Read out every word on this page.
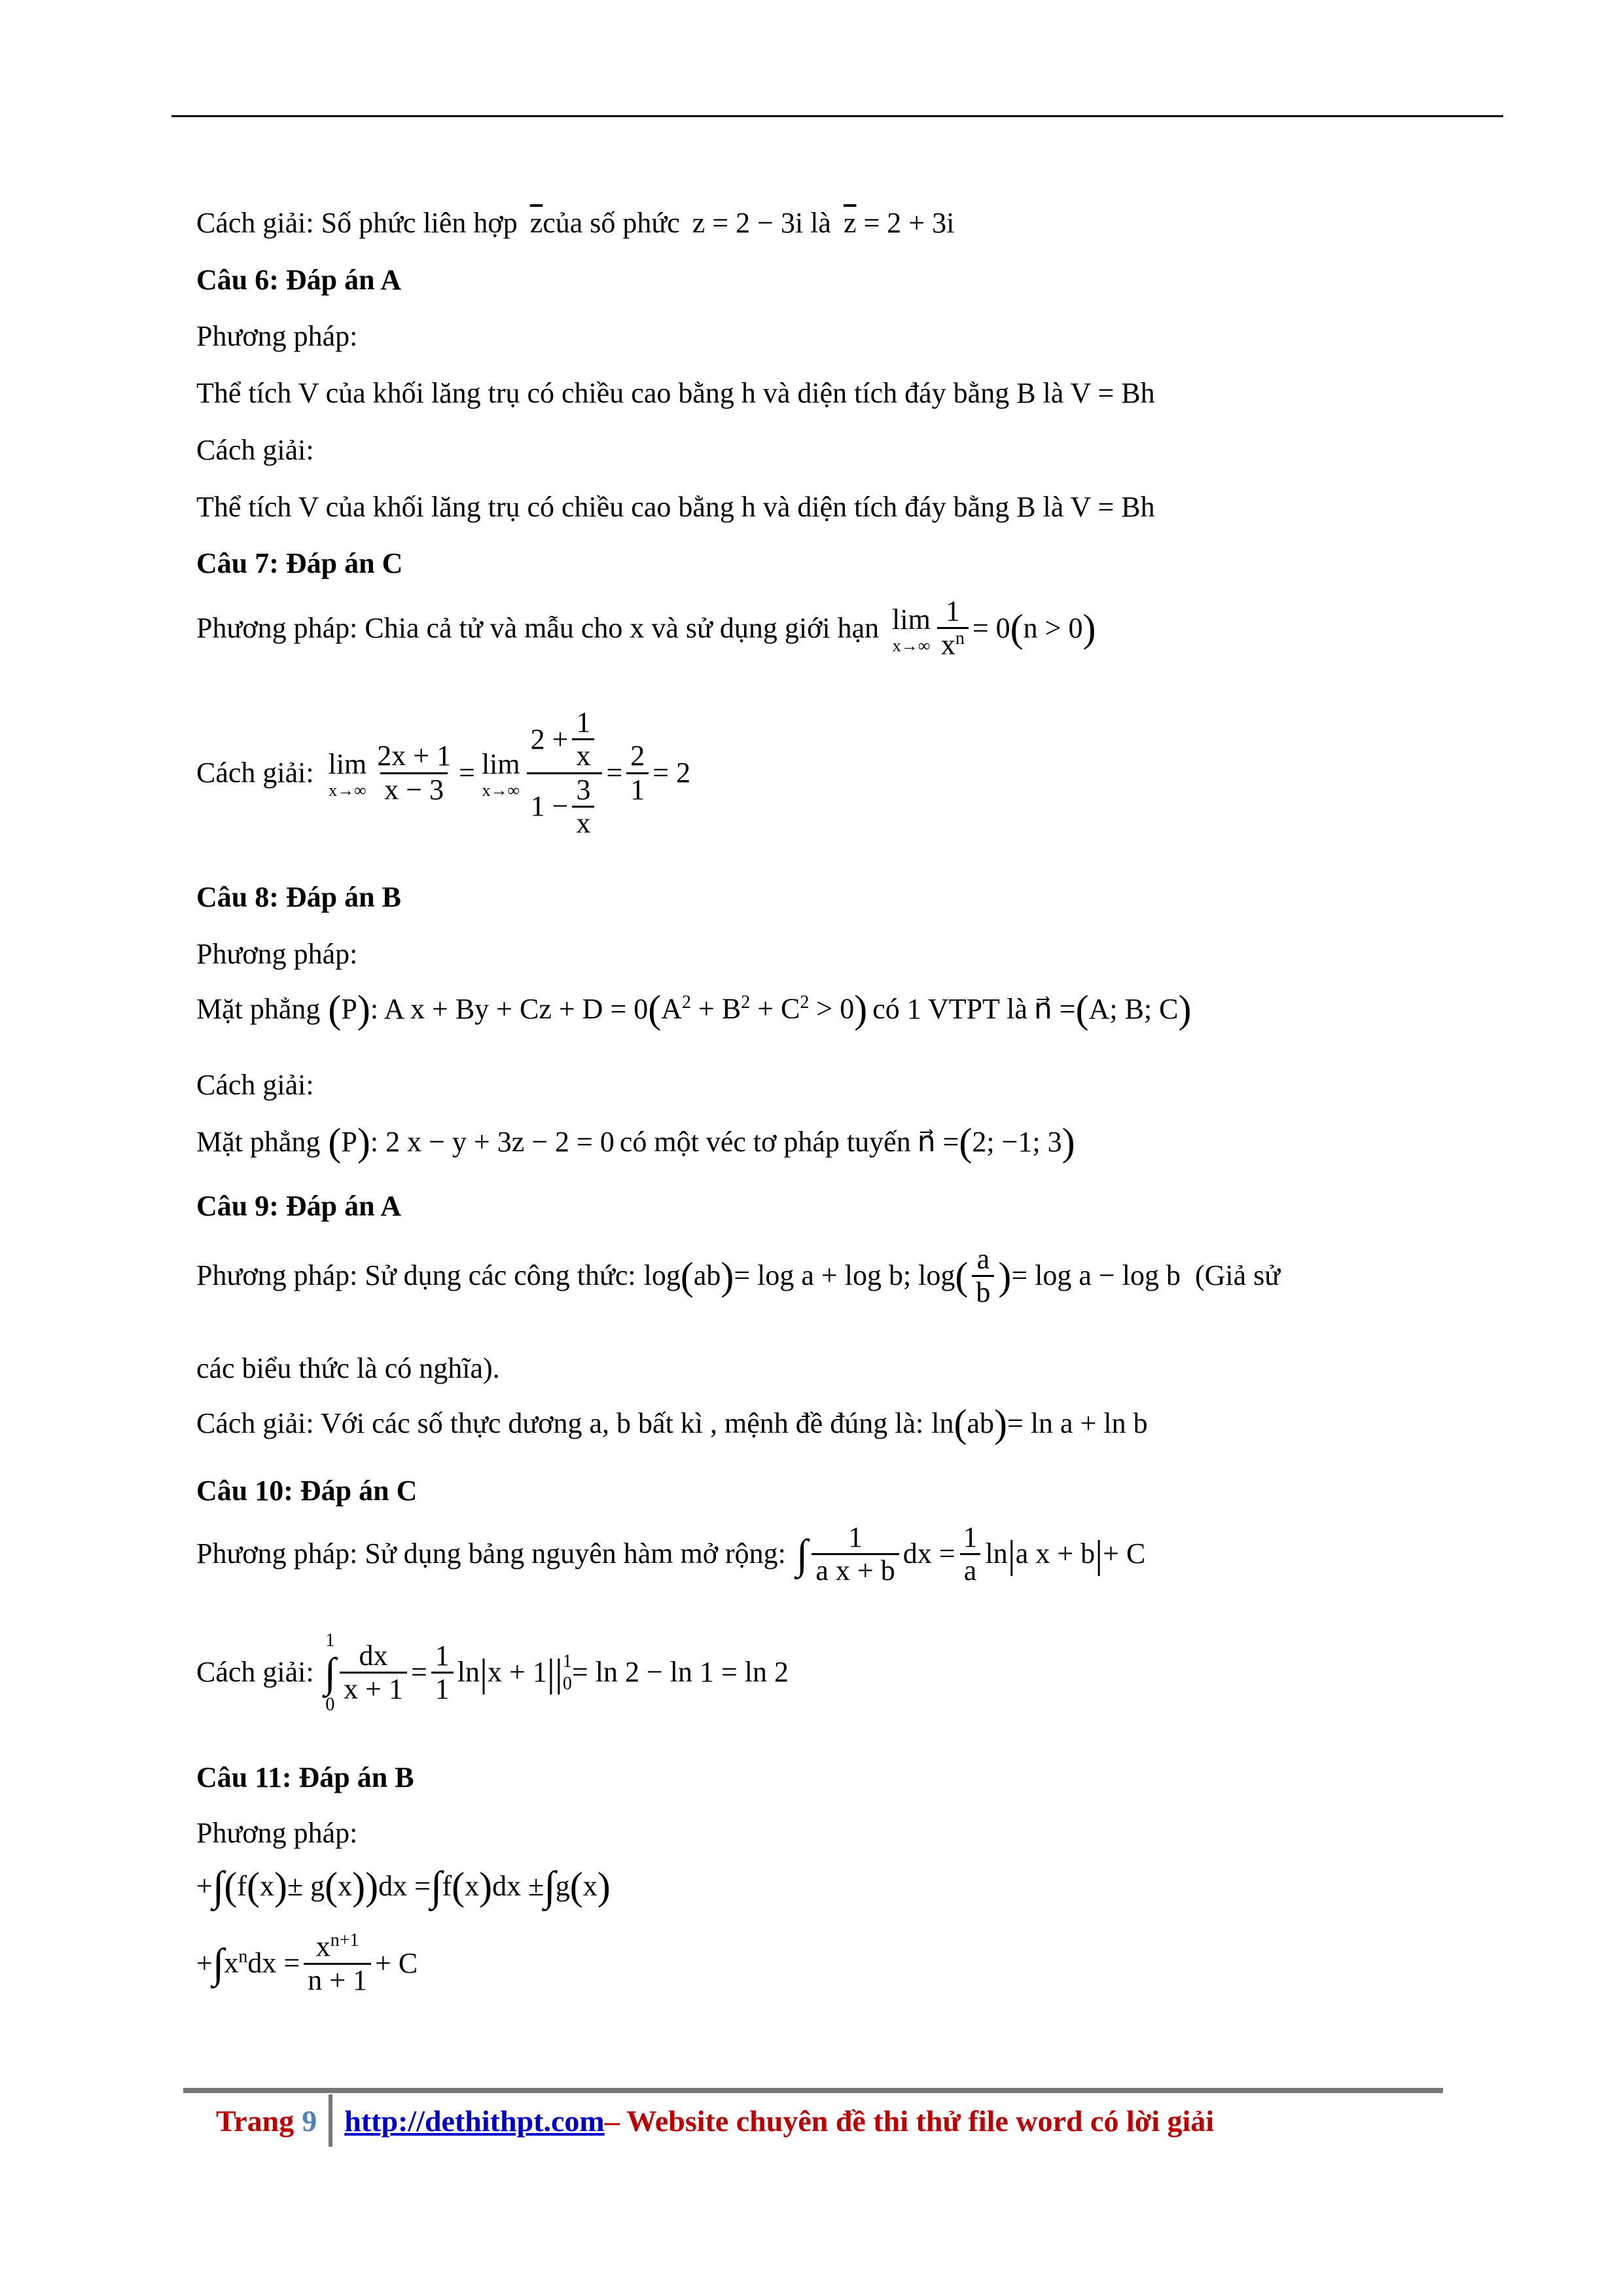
Cách giải: Số phức liên hợp $\overline{z}của$ số phức z = 2 − 3i là $\overline{z} = 2 + 3i$
Câu 6: Đáp án A
Phương pháp:
Thể tích V của khối lăng trụ có chiều cao bằng h và diện tích đáy bằng B là V = Bh
Cách giải:
Thể tích V của khối lăng trụ có chiều cao bằng h và diện tích đáy bằng B là V = Bh
Câu 7: Đáp án C
Phương pháp: Chia cả tử và mẫu cho x và sử dụng giới hạn lim
$x\to\infty \frac{1}{x^n} = 0$ ( n > 0 )
Cách giải: lim
$x\to\infty \frac{2x + 1}{x - 3} = \lim$
$x\to\infty \frac{2 + \frac{1}{x}}{1 - \frac{3}{x}} = \frac{2}{1} = 2$
Câu 8: Đáp án B
Phương pháp:
Mặt phẳng ( P ) : A x + By + Cz + D = 0 ( $A^2 + B^2 + C^2 > 0$ ) có 1 VTPT là n⃗ = ( A; B; C )
Cách giải:
Mặt phẳng ( P ) : 2 x − y + 3z − 2 = 0 có một véc tơ pháp tuyến n⃗ = ( 2; −1; 3 )
Câu 9: Đáp án A
Phương pháp: Sử dụng các công thức: log ( ab ) = log a + log b; log ( $\frac{a}{b}$ ) = log a − log b (Giả sử
các biểu thức là có nghĩa).
Cách giải: Với các số thực dương a, b bất kì , mệnh đề đúng là: ln ( ab ) = ln a + ln b
Câu 10: Đáp án C
Phương pháp: Sử dụng bảng nguyên hàm mở rộng: ∫ $\frac{1}{\text{a x + b}}$ dx = $\frac{1}{a}$ ln | a x + b | + C
Cách giải:
1
∫
$0 \frac{dx}{x + 1} = \frac{1}{1}$ ln | x + 1 | | 1
0 = ln 2 − ln 1 = ln 2
Câu 11: Đáp án B
Phương pháp:
+ ∫ ( f ( x ) ± g ( x ) ) dx = ∫ f ( x ) dx ± ∫ g ( x )
+ ∫ $x^ndx = \frac{x^{n+1}}{n + 1} + C$
Trang 9 http://dethithpt.com – Website chuyên đề thi thử file word có lời giải
